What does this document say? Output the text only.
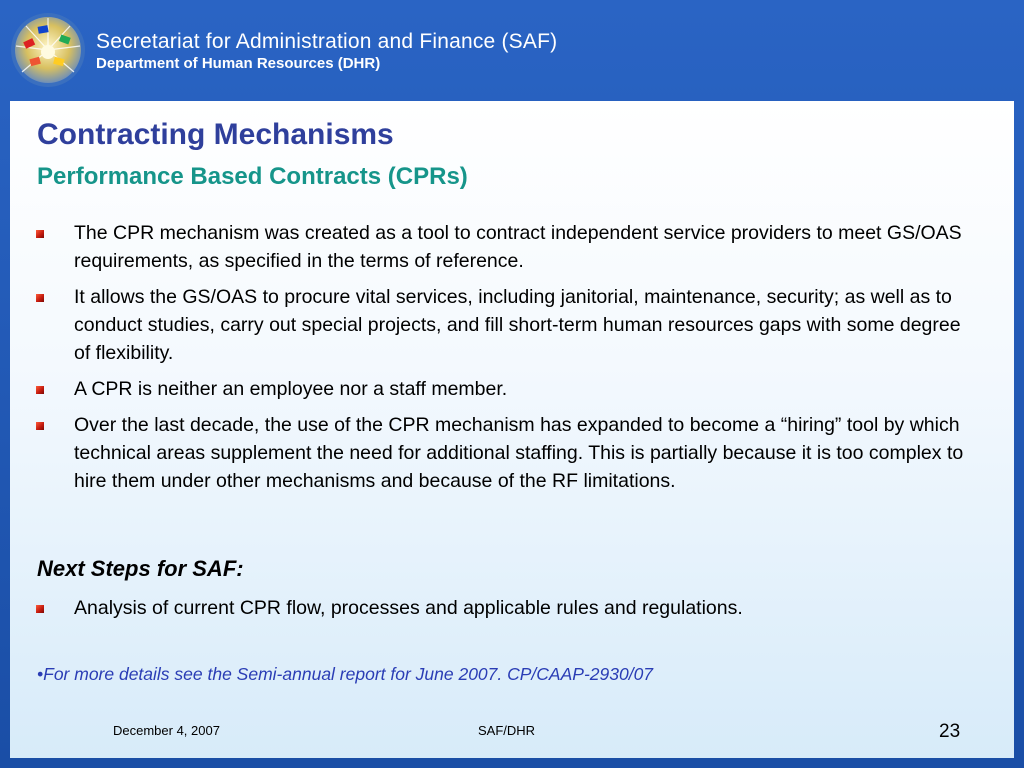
Secretariat for Administration and Finance (SAF)
Department of Human Resources (DHR)
Contracting Mechanisms
Performance Based Contracts (CPRs)
The CPR mechanism was created as a tool to contract independent service providers to meet GS/OAS requirements, as specified in the terms of reference.
It allows the GS/OAS to procure vital services, including janitorial, maintenance, security; as well as to conduct studies, carry out special projects, and fill short-term human resources gaps with some degree of flexibility.
A CPR is neither an employee nor a staff member.
Over the last decade, the use of the CPR mechanism has expanded to become a “hiring” tool by which technical areas supplement the need for additional staffing. This is partially because it is too complex to hire them under other mechanisms and because of the RF limitations.
Next Steps for SAF:
Analysis of current CPR flow, processes and applicable rules and regulations.
•For more details see the Semi-annual report for June 2007. CP/CAAP-2930/07
December 4, 2007	SAF/DHR	23
